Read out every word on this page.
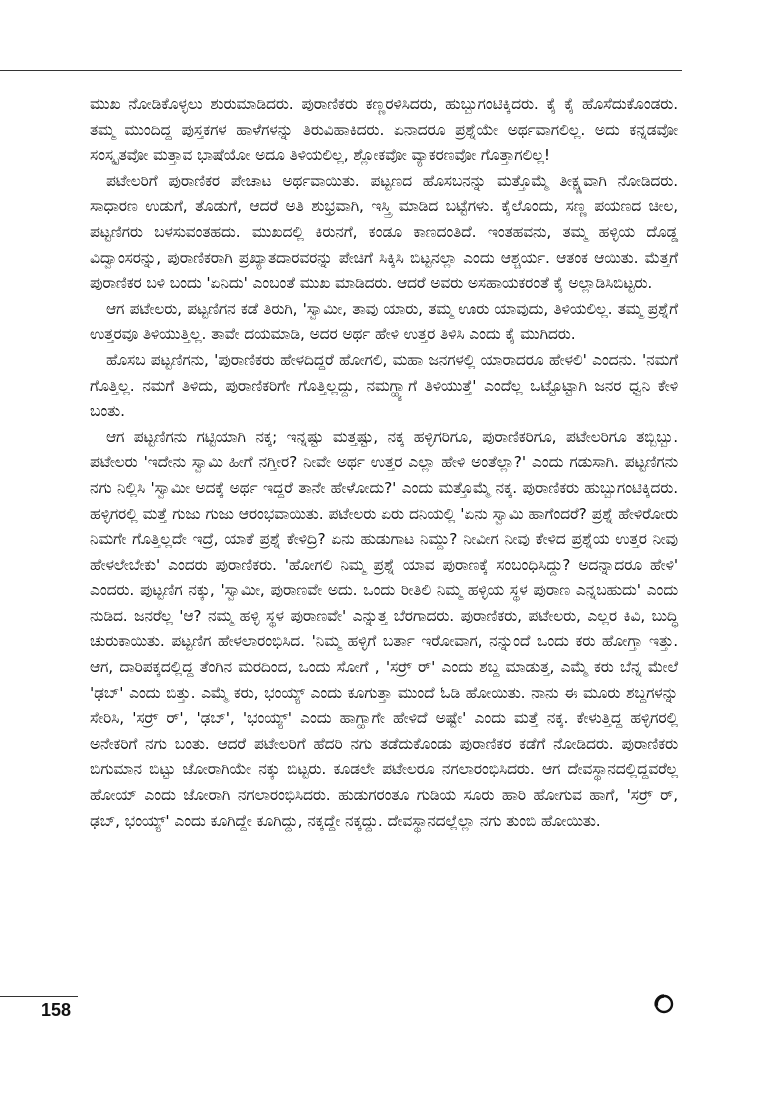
ಮುಖ ನೋಡಿಕೊಳ್ಳಲು ಶುರುಮಾಡಿದರು. ಪುರಾಣಿಕರು ಕಣ್ಣರಳಿಸಿದರು, ಹುಬ್ಬುಗಂಟಿಕ್ಕಿದರು. ಕೈ ಕೈ ಹೊಸೆದುಕೊಂಡರು. ತಮ್ಮ ಮುಂದಿದ್ದ ಪುಸ್ತಕಗಳ ಹಾಳೆಗಳನ್ನು ತಿರುವಿಹಾಕಿದರು. ಏನಾದರೂ ಪ್ರಶ್ನೆಯೇ ಅರ್ಥವಾಗಲಿಲ್ಲ. ಅದು ಕನ್ನಡವೋ ಸಂಸ್ಕೃತವೋ ಮತ್ತಾವ ಭಾಷೆಯೋ ಅದೂ ತಿಳಿಯಲಿಲ್ಲ, ಶ್ಲೋಕವೋ ವ್ಯಾಕರಣವೋ ಗೊತ್ತಾಗಲಿಲ್ಲ!

ಪಟೇಲರಿಗೆ ಪುರಾಣಿಕರ ಪೇಚಾಟ ಅರ್ಥವಾಯಿತು. ಪಟ್ಟಣದ ಹೊಸಬನನ್ನು ಮತ್ತೊಮ್ಮೆ ತೀಕ್ಷ್ಣವಾಗಿ ನೋಡಿದರು. ಸಾಧಾರಣ ಉಡುಗೆ, ತೊಡುಗೆ, ಆದರೆ ಅತಿ ಶುಭ್ರವಾಗಿ, ಇಸ್ತ್ರಿ ಮಾಡಿದ ಬಟ್ಟೆಗಳು. ಕೈಲೊಂದು, ಸಣ್ಣ ಪಯಣದ ಚೀಲ, ಪಟ್ಟಣಿಗರು ಬಳಸುವಂತಹದು. ಮುಖದಲ್ಲಿ ಕಿರುನಗೆ, ಕಂಡೂ ಕಾಣದಂತಿದೆ. ಇಂತಹವನು, ತಮ್ಮ ಹಳ್ಳಿಯ ದೊಡ್ಡ ವಿದ್ವಾಂಸರನ್ನು, ಪುರಾಣಿಕರಾಗಿ ಪ್ರಖ್ಯಾತದಾರವರನ್ನು ಪೇಚಿಗೆ ಸಿಕ್ಕಿಸಿ ಬಿಟ್ಟನಲ್ಲಾ ಎಂದು ಆಶ್ಚರ್ಯ. ಆತಂಕ ಆಯಿತು. ಮೆತ್ತಗೆ ಪುರಾಣಿಕರ ಬಳಿ ಬಂದು 'ಏನಿದು' ಎಂಬಂತೆ ಮುಖ ಮಾಡಿದರು. ಆದರೆ ಅವರು ಅಸಹಾಯಕರಂತೆ ಕೈ ಅಲ್ಲಾಡಿಸಿಬಿಟ್ಟರು.

ಆಗ ಪಟೇಲರು, ಪಟ್ಟಣಿಗನ ಕಡೆ ತಿರುಗಿ, 'ಸ್ವಾಮೀ, ತಾವು ಯಾರು, ತಮ್ಮ ಊರು ಯಾವುದು, ತಿಳಿಯಲಿಲ್ಲ. ತಮ್ಮ ಪ್ರಶ್ನೆಗೆ ಉತ್ತರವೂ ತಿಳಿಯುತ್ತಿಲ್ಲ. ತಾವೇ ದಯಮಾಡಿ, ಅದರ ಅರ್ಥ ಹೇಳಿ ಉತ್ತರ ತಿಳಿಸಿ ಎಂದು ಕೈ ಮುಗಿದರು.

ಹೊಸಬ ಪಟ್ಟಣಿಗನು, 'ಪುರಾಣಿಕರು ಹೇಳದಿದ್ದರೆ ಹೋಗಲಿ, ಮಹಾ ಜನಗಳಲ್ಲಿ ಯಾರಾದರೂ ಹೇಳಲಿ' ಎಂದನು. 'ನಮಗೆ ಗೊತ್ತಿಲ್ಲ. ನಮಗೆ ತಿಳಿದು, ಪುರಾಣಿಕರಿಗೇ ಗೊತ್ತಿಲ್ಲದ್ದು, ನಮಗ್ಹ್ಯಾಗೆ ತಿಳಿಯುತ್ತೆ' ಎಂದೆಲ್ಲ ಒಟ್ಟೊಟ್ಟಾಗಿ ಜನರ ಧ್ವನಿ ಕೇಳಿ ಬಂತು.

ಆಗ ಪಟ್ಟಣಿಗನು ಗಟ್ಟಿಯಾಗಿ ನಕ್ಕ; ಇನ್ನಷ್ಟು ಮತ್ತಷ್ಟು, ನಕ್ಕ ಹಳ್ಳಿಗರಿಗೂ, ಪುರಾಣಿಕರಿಗೂ, ಪಟೇಲರಿಗೂ ತಬ್ಬಿಬ್ಬು. ಪಟೇಲರು 'ಇದೇನು ಸ್ವಾಮಿ ಹೀಗೆ ನಗ್ತೀರ? ನೀವೇ ಅರ್ಥ ಉತ್ತರ ಎಲ್ಲಾ ಹೇಳಿ ಅಂತೆಲ್ಲಾ?' ಎಂದು ಗಡುಸಾಗಿ. ಪಟ್ಟಣಿಗನು ನಗು ನಿಲ್ಲಿಸಿ 'ಸ್ವಾಮೀ ಅದಕ್ಕೆ ಅರ್ಥ ಇದ್ದರೆ ತಾನೇ ಹೇಳೋದು?' ಎಂದು ಮತ್ತೊಮ್ಮೆ ನಕ್ಕ. ಪುರಾಣಿಕರು ಹುಬ್ಬುಗಂಟಿಕ್ಕಿದರು. ಹಳ್ಳಿಗರಲ್ಲಿ ಮತ್ತೆ ಗುಜು ಗುಜು ಆರಂಭವಾಯಿತು. ಪಟೇಲರು ಏರು ದನಿಯಲ್ಲಿ 'ಏನು ಸ್ವಾಮಿ ಹಾಗೆಂದರೆ? ಪ್ರಶ್ನೆ ಹೇಳಿರೋರು ನಿಮಗೇ ಗೊತ್ತಿಲ್ಲದೇ ಇದ್ರೆ, ಯಾಕೆ ಪ್ರಶ್ನೆ ಕೇಳಿದ್ರಿ? ಏನು ಹುಡುಗಾಟ ನಿಮ್ದು? ನೀವೀಗ ನೀವು ಕೇಳಿದ ಪ್ರಶ್ನೆಯ ಉತ್ತರ ನೀವು ಹೇಳಲೇಬೇಕು' ಎಂದರು ಪುರಾಣಿಕರು. 'ಹೋಗಲಿ ನಿಮ್ಮ ಪ್ರಶ್ನೆ ಯಾವ ಪುರಾಣಕ್ಕೆ ಸಂಬಂಧಿಸಿದ್ದು? ಅದನ್ನಾದರೂ ಹೇಳಿ' ಎಂದರು. ಪುಟ್ಟಣಿಗ ನಕ್ಕು, 'ಸ್ವಾಮೀ, ಪುರಾಣವೇ ಅದು. ಒಂದು ರೀತಿಲಿ ನಿಮ್ಮ ಹಳ್ಳಿಯ ಸ್ಥಳ ಪುರಾಣ ಎನ್ನಬಹುದು' ಎಂದು ನುಡಿದ. ಜನರೆಲ್ಲ 'ಆ? ನಮ್ಮ ಹಳ್ಳಿ ಸ್ಥಳ ಪುರಾಣವೇ' ಎನ್ನುತ್ತ ಬೆರಗಾದರು. ಪುರಾಣಿಕರು, ಪಟೇಲರು, ಎಲ್ಲರ ಕಿವಿ, ಬುದ್ಧಿ ಚುರುಕಾಯಿತು. ಪಟ್ಟಣಿಗ ಹೇಳಲಾರಂಭಿಸಿದ. 'ನಿಮ್ಮ ಹಳ್ಳಿಗೆ ಬರ್ತಾ ಇರೋವಾಗ, ನನ್ನುಂದೆ ಒಂದು ಕರು ಹೋಗ್ತಾ ಇತ್ತು. ಆಗ, ದಾರಿಪಕ್ಕದಲ್ಲಿದ್ದ ತೆಂಗಿನ ಮರದಿಂದ, ಒಂದು ಸೋಗೆ , 'ಸರ್‍ರ್ ರ್' ಎಂದು ಶಬ್ದ ಮಾಡುತ್ತ, ಎಮ್ಮೆ ಕರು ಬೆನ್ನ ಮೇಲೆ 'ಢಬ್' ಎಂದು ಬಿತ್ತು. ಎಮ್ಮೆ ಕರು, ಭಂಯ್ಯ್ ಎಂದು ಕೂಗುತ್ತಾ ಮುಂದೆ ಓಡಿ ಹೋಯಿತು. ನಾನು ಈ ಮೂರು ಶಬ್ದಗಳನ್ನು ಸೇರಿಸಿ, 'ಸರ್‍ರ್ ರ್', 'ಢಬ್', 'ಭಂಯ್ಯ್' ಎಂದು ಹಾಗ್ಹಾಗೇ ಹೇಳಿದೆ ಅಷ್ಟೇ' ಎಂದು ಮತ್ತೆ ನಕ್ಕ. ಕೇಳುತ್ತಿದ್ದ ಹಳ್ಳಿಗರಲ್ಲಿ ಅನೇಕರಿಗೆ ನಗು ಬಂತು. ಆದರೆ ಪಟೇಲರಿಗೆ ಹೆದರಿ ನಗು ತಡೆದುಕೊಂಡು ಪುರಾಣಿಕರ ಕಡೆಗೆ ನೋಡಿದರು. ಪುರಾಣಿಕರು ಬಿಗುಮಾನ ಬಿಟ್ಟು ಜೋರಾಗಿಯೇ ನಕ್ಕು ಬಿಟ್ಟರು. ಕೂಡಲೇ ಪಟೇಲರೂ ನಗಲಾರಂಭಿಸಿದರು. ಆಗ ದೇವಸ್ಥಾನದಲ್ಲಿದ್ದವರೆಲ್ಲ ಹೋಯ್ ಎಂದು ಜೋರಾಗಿ ನಗಲಾರಂಭಿಸಿದರು. ಹುಡುಗರಂತೂ ಗುಡಿಯ ಸೂರು ಹಾರಿ ಹೋಗುವ ಹಾಗೆ, 'ಸರ್‍ರ್ ರ್, ಢಬ್, ಭಂಯ್ಯ್' ಎಂದು ಕೂಗಿದ್ದೇ ಕೂಗಿದ್ದು, ನಕ್ಕದ್ದೇ ನಕ್ಕದ್ದು. ದೇವಸ್ಥಾನದಲ್ಲೆಲ್ಲಾ ನಗು ತುಂಬಿ ಹೋಯಿತು.

158
